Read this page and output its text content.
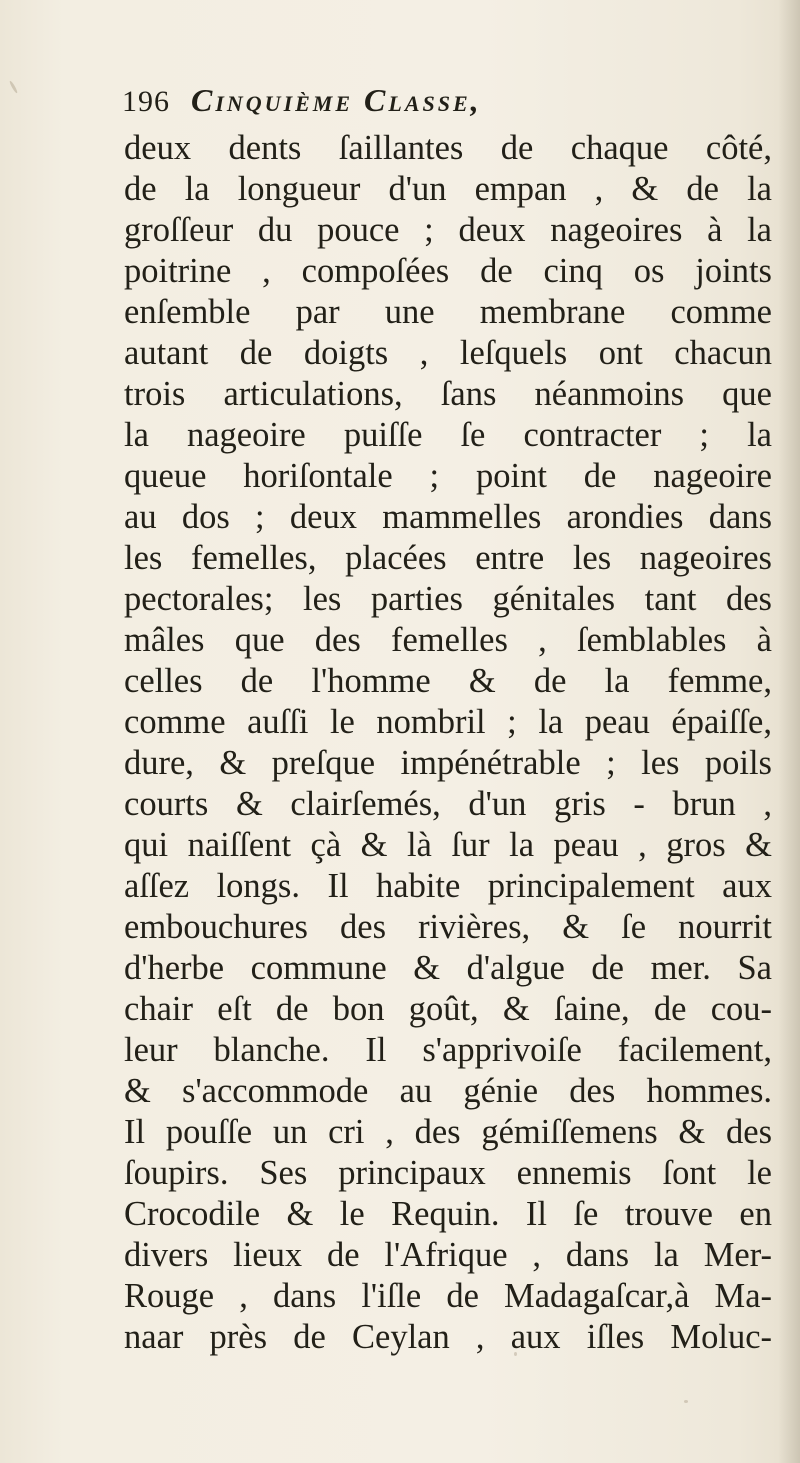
196 Cinquième Classe,
deux dents ſaillantes de chaque côté,
de la longueur d'un empan , & de la
groſſeur du pouce ; deux nageoires à la
poitrine , compoſées de cinq os joints
enſemble par une membrane comme
autant de doigts , leſquels ont chacun
trois articulations, ſans néanmoins que
la nageoire puiſſe ſe contracter ; la
queue horiſontale ; point de nageoire
au dos ; deux mammelles arondies dans
les femelles, placées entre les nageoires
pectorales; les parties génitales tant des
mâles que des femelles , ſemblables à
celles de l'homme & de la femme,
comme auſſi le nombril ; la peau épaiſſe,
dure, & preſque impénétrable ; les poils
courts & clairſemés, d'un gris - brun ,
qui naiſſent çà & là ſur la peau , gros &
aſſez longs. Il habite principalement aux
embouchures des rivières, & ſe nourrit
d'herbe commune & d'algue de mer. Sa
chair eſt de bon goût, & ſaine, de cou-
leur blanche. Il s'apprivoiſe facilement,
& s'accommode au génie des hommes.
Il pouſſe un cri , des gémiſſemens & des
ſoupirs. Ses principaux ennemis ſont le
Crocodile & le Requin. Il ſe trouve en
divers lieux de l'Afrique , dans la Mer-
Rouge , dans l'iſle de Madagaſcar,à Ma-
naar près de Ceylan , aux iſles Moluc-
